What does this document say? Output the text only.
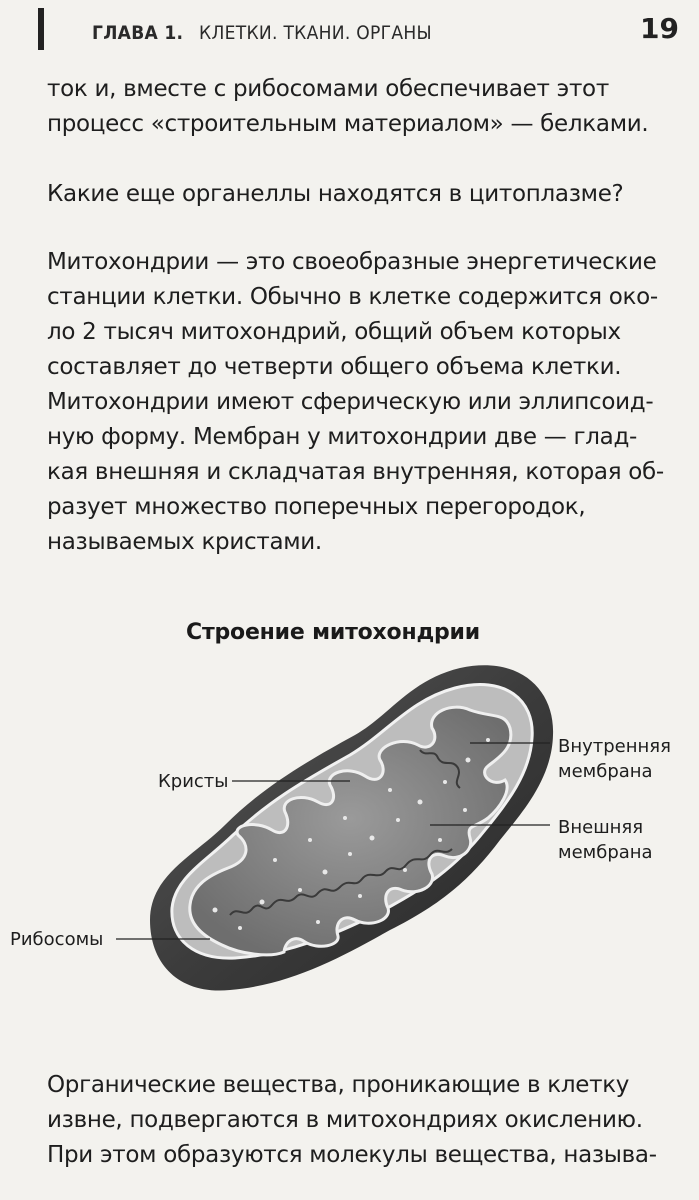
ГЛАВА 1. КЛЕТКИ. ТКАНИ. ОРГАНЫ	19
ток и, вместе с рибосомами обеспечивает этот
процесс «строительным материалом» — белками.
Какие еще органеллы находятся в цитоплазме?
Митохондрии — это своеобразные энергетические
станции клетки. Обычно в клетке содержится око-
ло 2 тысяч митохондрий, общий объем которых
составляет до четверти общего объема клетки.
Митохондрии имеют сферическую или эллипсоид-
ную форму. Мембран у митохондрии две — глад-
кая внешняя и складчатая внутренняя, которая об-
разует множество поперечных перегородок,
называемых кристами.
Строение митохондрии
Кристы
Внутренняя
мембрана
Внешняя
мембрана
Рибосомы
Органические вещества, проникающие в клетку
извне, подвергаются в митохондриях окислению.
При этом образуются молекулы вещества, называ-
